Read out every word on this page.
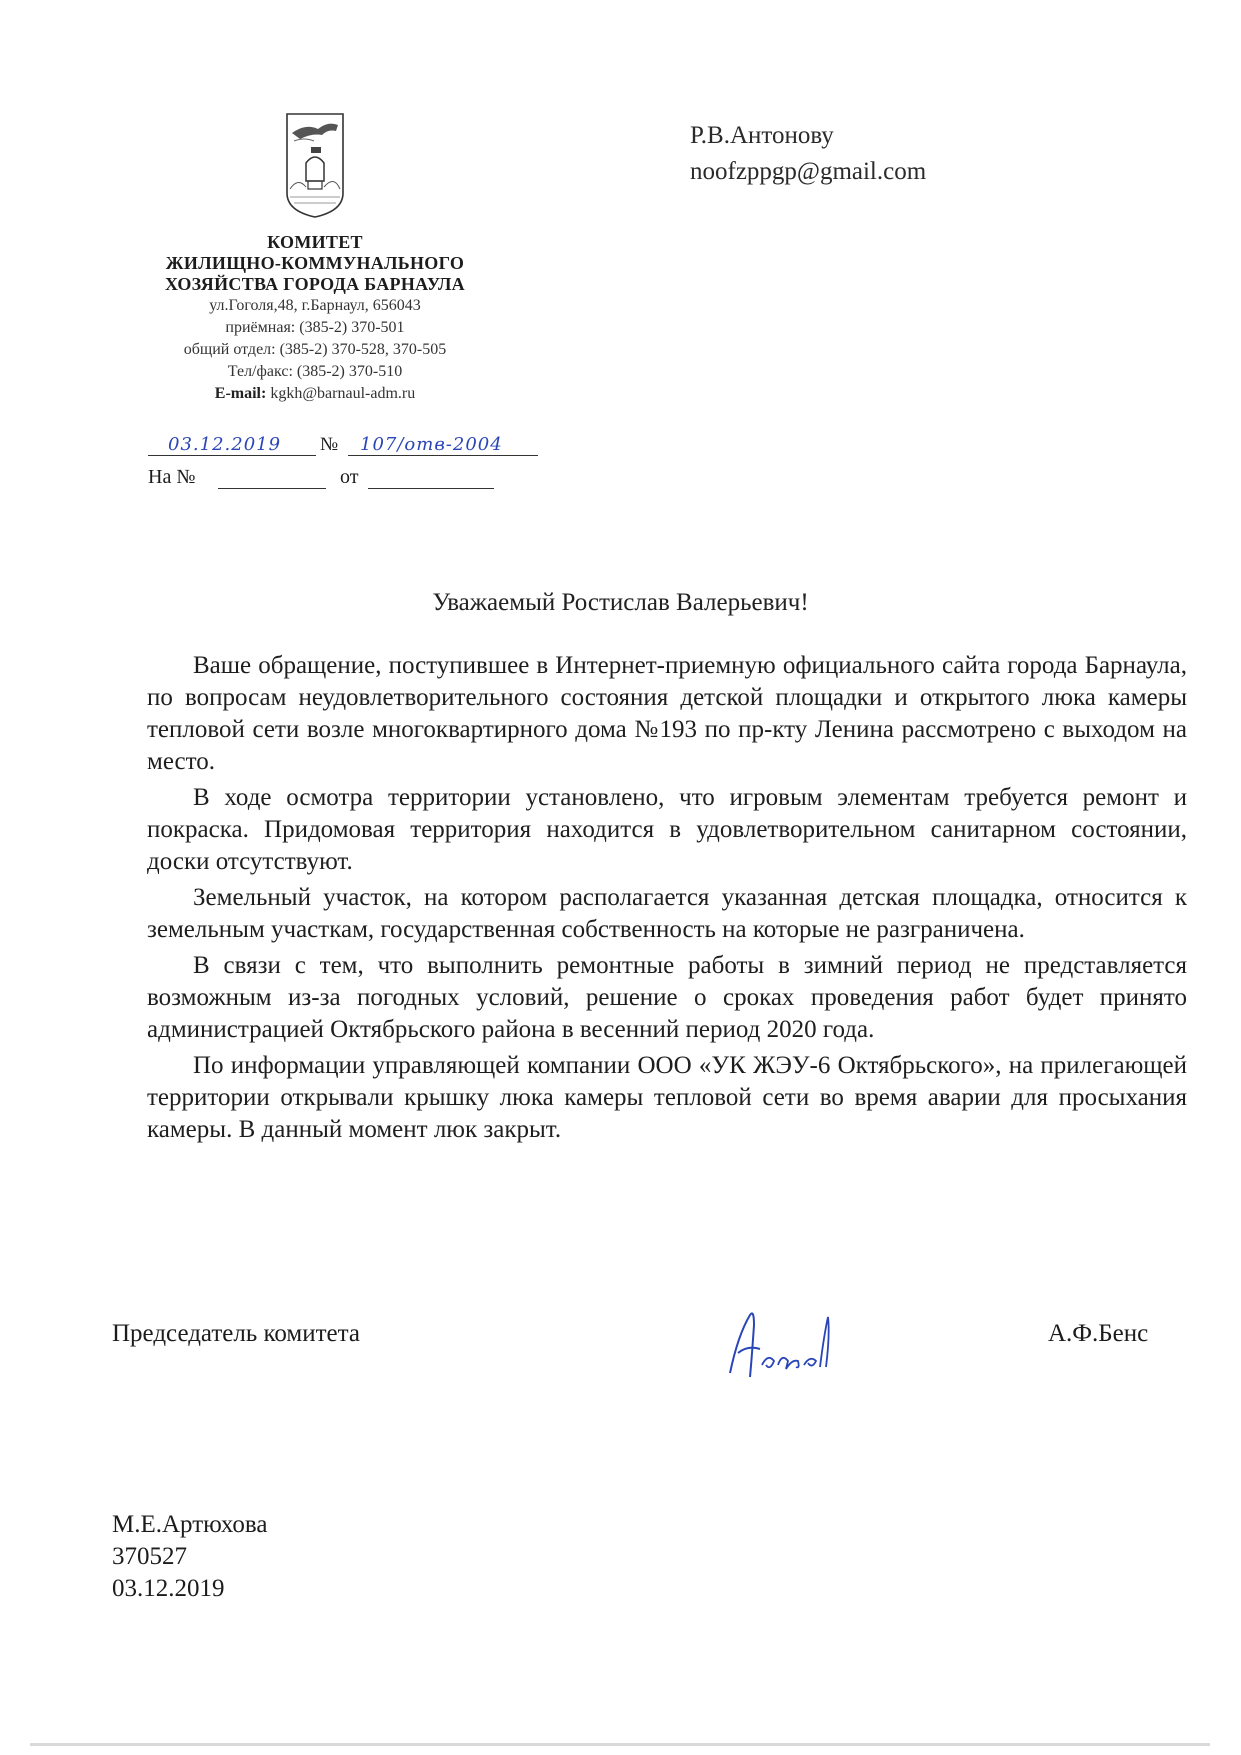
КОМИТЕТ
ЖИЛИЩНО-КОММУНАЛЬНОГО
ХОЗЯЙСТВА ГОРОДА БАРНАУЛА
ул.Гоголя,48, г.Барнаул, 656043
приёмная: (385-2) 370-501
общий отдел: (385-2) 370-528, 370-505
Тел/факс: (385-2) 370-510
E-mail: kgkh@barnaul-adm.ru
03.12.2019	№	107/отв-2004
На №	от
Р.В.Антонову
noofzppgp@gmail.com
Уважаемый Ростислав Валерьевич!

Ваше обращение, поступившее в Интернет-приемную официального сайта города Барнаула, по вопросам неудовлетворительного состояния детской площадки и открытого люка камеры тепловой сети возле многоквартирного дома №193 по пр-кту Ленина рассмотрено с выходом на место.

В ходе осмотра территории установлено, что игровым элементам требуется ремонт и покраска. Придомовая территория находится в удовлетворительном санитарном состоянии, доски отсутствуют.

Земельный участок, на котором располагается указанная детская площадка, относится к земельным участкам, государственная собственность на которые не разграничена.

В связи с тем, что выполнить ремонтные работы в зимний период не представляется возможным из-за погодных условий, решение о сроках проведения работ будет принято администрацией Октябрьского района в весенний период 2020 года.

По информации управляющей компании ООО «УК ЖЭУ-6 Октябрьского», на прилегающей территории открывали крышку люка камеры тепловой сети во время аварии для просыхания камеры. В данный момент люк закрыт.

Председатель комитета	А.Ф.Бенс
М.Е.Артюхова
370527
03.12.2019
